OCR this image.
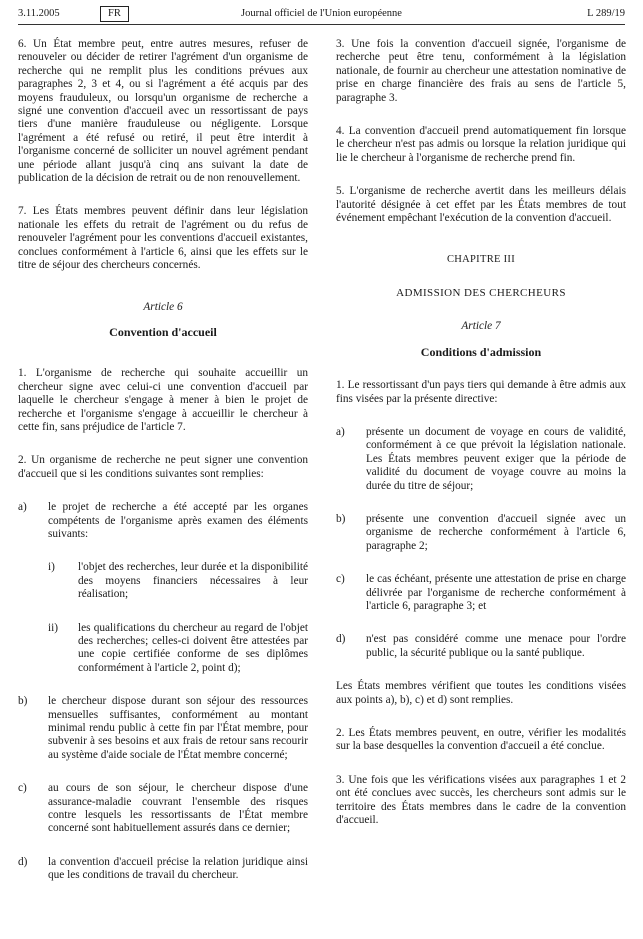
3.11.2005	FR	Journal officiel de l'Union européenne	L 289/19

6. Un État membre peut, entre autres mesures, refuser de renouveler ou décider de retirer l'agrément d'un organisme de recherche qui ne remplit plus les conditions prévues aux paragraphes 2, 3 et 4, ou si l'agrément a été acquis par des moyens frauduleux, ou lorsqu'un organisme de recherche a signé une convention d'accueil avec un ressortissant de pays tiers d'une manière frauduleuse ou négligente. Lorsque l'agrément a été refusé ou retiré, il peut être interdit à l'organisme concerné de solliciter un nouvel agrément pendant une période allant jusqu'à cinq ans suivant la date de publication de la décision de retrait ou de non renouvellement.

7. Les États membres peuvent définir dans leur législation nationale les effets du retrait de l'agrément ou du refus de renouveler l'agrément pour les conventions d'accueil existantes, conclues conformément à l'article 6, ainsi que les effets sur le titre de séjour des chercheurs concernés.

Article 6

Convention d'accueil

1. L'organisme de recherche qui souhaite accueillir un chercheur signe avec celui-ci une convention d'accueil par laquelle le chercheur s'engage à mener à bien le projet de recherche et l'organisme s'engage à accueillir le chercheur à cette fin, sans préjudice de l'article 7.

2. Un organisme de recherche ne peut signer une convention d'accueil que si les conditions suivantes sont remplies:

a)	le projet de recherche a été accepté par les organes compétents de l'organisme après examen des éléments suivants:
i)	l'objet des recherches, leur durée et la disponibilité des moyens financiers nécessaires à leur réalisation;
ii)	les qualifications du chercheur au regard de l'objet des recherches; celles-ci doivent être attestées par une copie certifiée conforme de ses diplômes conformément à l'article 2, point d);
b)	le chercheur dispose durant son séjour des ressources mensuelles suffisantes, conformément au montant minimal rendu public à cette fin par l'État membre, pour subvenir à ses besoins et aux frais de retour sans recourir au système d'aide sociale de l'État membre concerné;
c)	au cours de son séjour, le chercheur dispose d'une assurance-maladie couvrant l'ensemble des risques contre lesquels les ressortissants de l'État membre concerné sont habituellement assurés dans ce dernier;
d)	la convention d'accueil précise la relation juridique ainsi que les conditions de travail du chercheur.

3. Une fois la convention d'accueil signée, l'organisme de recherche peut être tenu, conformément à la législation nationale, de fournir au chercheur une attestation nominative de prise en charge financière des frais au sens de l'article 5, paragraphe 3.

4. La convention d'accueil prend automatiquement fin lorsque le chercheur n'est pas admis ou lorsque la relation juridique qui lie le chercheur à l'organisme de recherche prend fin.

5. L'organisme de recherche avertit dans les meilleurs délais l'autorité désignée à cet effet par les États membres de tout événement empêchant l'exécution de la convention d'accueil.

CHAPITRE III

ADMISSION DES CHERCHEURS

Article 7

Conditions d'admission

1. Le ressortissant d'un pays tiers qui demande à être admis aux fins visées par la présente directive:

a)	présente un document de voyage en cours de validité, conformément à ce que prévoit la législation nationale. Les États membres peuvent exiger que la période de validité du document de voyage couvre au moins la durée du titre de séjour;
b)	présente une convention d'accueil signée avec un organisme de recherche conformément à l'article 6, paragraphe 2;
c)	le cas échéant, présente une attestation de prise en charge délivrée par l'organisme de recherche conformément à l'article 6, paragraphe 3; et
d)	n'est pas considéré comme une menace pour l'ordre public, la sécurité publique ou la santé publique.

Les États membres vérifient que toutes les conditions visées aux points a), b), c) et d) sont remplies.

2. Les États membres peuvent, en outre, vérifier les modalités sur la base desquelles la convention d'accueil a été conclue.

3. Une fois que les vérifications visées aux paragraphes 1 et 2 ont été conclues avec succès, les chercheurs sont admis sur le territoire des États membres dans le cadre de la convention d'accueil.
